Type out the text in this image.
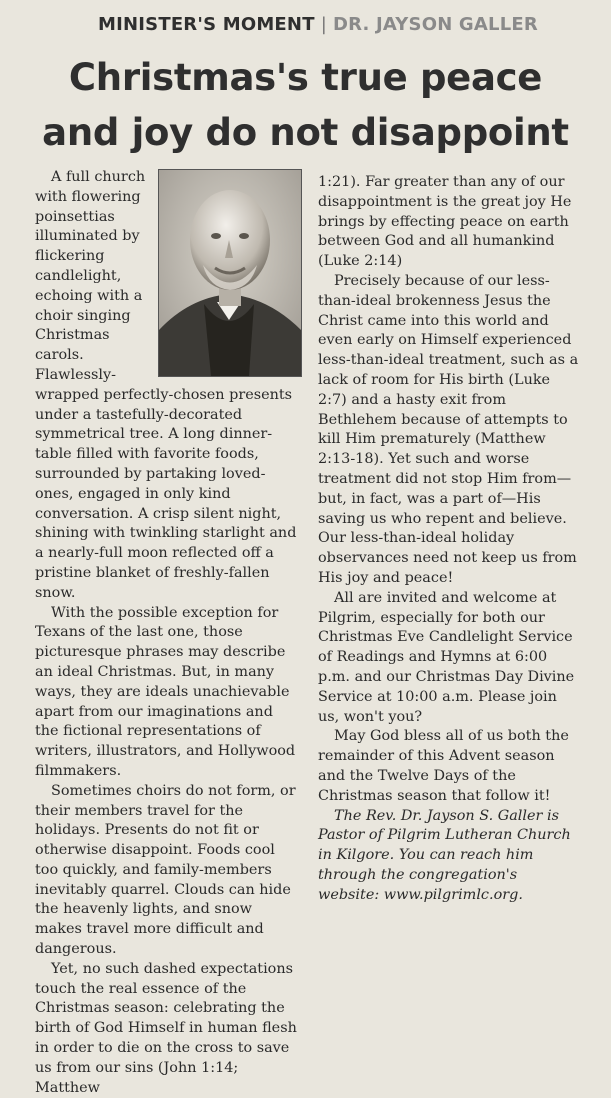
MINISTER'S MOMENT | DR. JAYSON GALLER
Christmas's true peace
and joy do not disappoint

A full church with flowering poinsettias illuminated by flickering candlelight, echoing with a choir singing Christmas carols. Flawlessly-wrapped perfectly-chosen presents under a tastefully-decorated symmetrical tree. A long dinner-table filled with favorite foods, surrounded by partaking loved-ones, engaged in only kind conversation. A crisp silent night, shining with twinkling starlight and a nearly-full moon reflected off a pristine blanket of freshly-fallen snow.

With the possible exception for Texans of the last one, those picturesque phrases may describe an ideal Christmas. But, in many ways, they are ideals unachievable apart from our imaginations and the fictional representations of writers, illustrators, and Hollywood filmmakers.

Sometimes choirs do not form, or their members travel for the holidays. Presents do not fit or otherwise disappoint. Foods cool too quickly, and family-members inevitably quarrel. Clouds can hide the heavenly lights, and snow makes travel more difficult and dangerous.

Yet, no such dashed expectations touch the real essence of the Christmas season: celebrating the birth of God Himself in human flesh in order to die on the cross to save us from our sins (John 1:14; Matthew

1:21). Far greater than any of our disappointment is the great joy He brings by effecting peace on earth between God and all humankind (Luke 2:14)

Precisely because of our less-than-ideal brokenness Jesus the Christ came into this world and even early on Himself experienced less-than-ideal treatment, such as a lack of room for His birth (Luke 2:7) and a hasty exit from Bethlehem because of attempts to kill Him prematurely (Matthew 2:13-18). Yet such and worse treatment did not stop Him from—but, in fact, was a part of—His saving us who repent and believe. Our less-than-ideal holiday observances need not keep us from His joy and peace!

All are invited and welcome at Pilgrim, especially for both our Christmas Eve Candlelight Service of Readings and Hymns at 6:00 p.m. and our Christmas Day Divine Service at 10:00 a.m. Please join us, won't you?

May God bless all of us both the remainder of this Advent season and the Twelve Days of the Christmas season that follow it!

The Rev. Dr. Jayson S. Galler is Pastor of Pilgrim Lutheran Church in Kilgore. You can reach him through the congregation's website: www.pilgrimlc.org.
